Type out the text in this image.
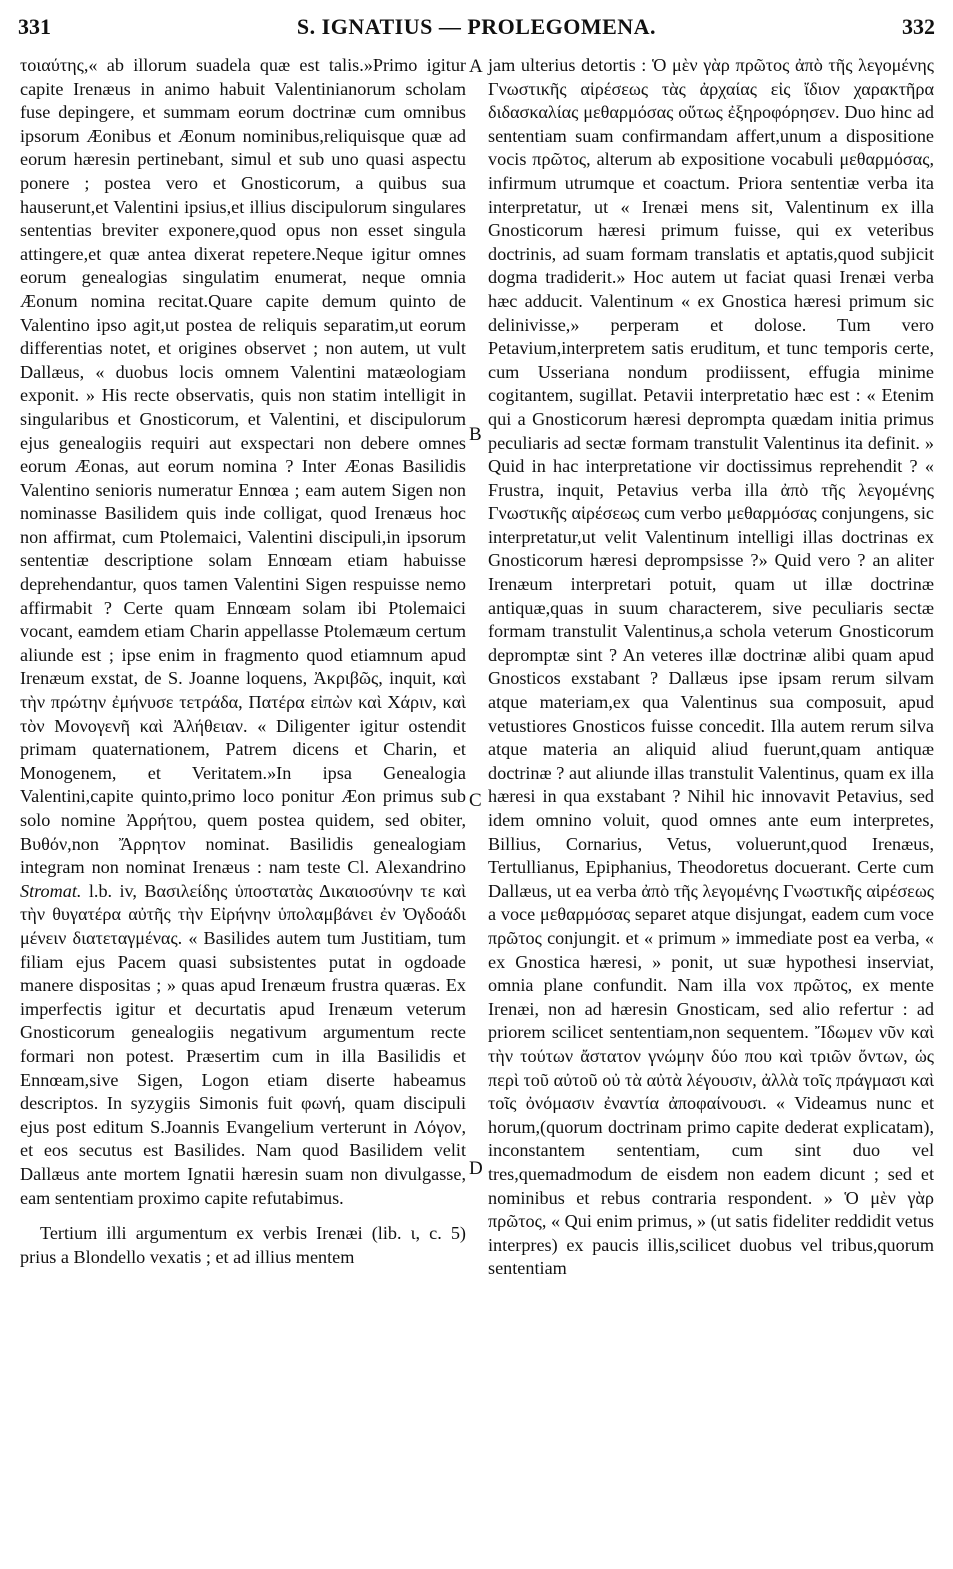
331	S. IGNATIUS — PROLEGOMENA.	332

τοιαύτης,« ab illorum suadela quæ est talis.»Primo igitur capite Irenæus in animo habuit Valentinianorum scholam fuse depingere, et summam eorum doctrinæ cum omnibus ipsorum Æonibus et Æonum nominibus,reliquisque quæ ad eorum hæresin pertinebant, simul et sub uno quasi aspectu ponere ; postea vero et Gnosticorum, a quibus sua hauserunt,et Valentini ipsius,et illius discipulorum singulares sententias breviter exponere,quod opus non esset singula attingere,et quæ antea dixerat repetere.Neque igitur omnes eorum genealogias singulatim enumerat, neque omnia Æonum nomina recitat.Quare capite demum quinto de Valentino ipso agit,ut postea de reliquis separatim,ut eorum differentias notet, et origines observet ; non autem, ut vult Dallæus, « duobus locis omnem Valentini matæologiam exponit. » His recte observatis, quis non statim intelligit in singularibus et Gnosticorum, et Valentini, et discipulorum ejus genealogiis requiri aut exspectari non debere omnes eorum Æonas, aut eorum nomina ? Inter Æonas Basilidis Valentino senioris numeratur Ennœa ; eam autem Sigen non nominasse Basilidem quis inde colligat, quod Irenæus hoc non affirmat, cum Ptolemaici, Valentini discipuli,in ipsorum sententiæ descriptione solam Ennœam etiam habuisse deprehendantur, quos tamen Valentini Sigen respuisse nemo affirmabit ? Certe quam Ennœam solam ibi Ptolemaici vocant, eamdem etiam Charin appellasse Ptolemæum certum aliunde est ; ipse enim in fragmento quod etiamnum apud Irenæum exstat, de S. Joanne loquens, Ἀκριβῶς, inquit, καὶ τὴν πρώτην ἐμήνυσε τετράδα, Πατέρα εἰπὼν καὶ Χάριν, καὶ τὸν Μονογενῆ καὶ Ἀλήθειαν. « Diligenter igitur ostendit primam quaternationem, Patrem dicens et Charin, et Monogenem, et Veritatem.»In ipsa Genealogia Valentini,capite quinto,primo loco ponitur Æon primus sub solo nomine Ἀρρήτου, quem postea quidem, sed obiter, Βυθόν,non Ἄρρητον nominat. Basilidis genealogiam integram non nominat Irenæus : nam teste Cl. Alexandrino Stromat. l.b. iv, Βασιλείδης ὑποστατὰς Δικαιοσύνην τε καὶ τὴν θυγατέρα αὐτῆς τὴν Εἰρήνην ὑπολαμβάνει ἐν Ὀγδοάδι μένειν διατεταγμένας. « Basilides autem tum Justitiam, tum filiam ejus Pacem quasi subsistentes putat in ogdoade manere dispositas ; » quas apud Irenæum frustra quæras. Ex imperfectis igitur et decurtatis apud Irenæum veterum Gnosticorum genealogiis negativum argumentum recte formari non potest. Præsertim cum in illa Basilidis et Ennœam,sive Sigen, Logon etiam diserte habeamus descriptos. In syzygiis Simonis fuit φωνή, quam discipuli ejus post editum S.Joannis Evangelium verterunt in Λόγον, et eos secutus est Basilides. Nam quod Basilidem velit Dallæus ante mortem Ignatii hæresin suam non divulgasse, eam sententiam proximo capite refutabimus.

Tertium illi argumentum ex verbis Irenæi (lib. ι, c. 5) prius a Blondello vexatis ; et ad illius mentem

jam ulterius detortis : Ὁ μὲν γὰρ πρῶτος ἀπὸ τῆς λεγομένης Γνωστικῆς αἱρέσεως τὰς ἀρχαίας εἰς ἴδιον χαρακτῆρα διδασκαλίας μεθαρμόσας οὕτως ἐξηροφόρησεν. Duo hinc ad sententiam suam confirmandam affert,unum a dispositione vocis πρῶτος, alterum ab expositione vocabuli μεθαρμόσας, infirmum utrumque et coactum. Priora sententiæ verba ita interpretatur, ut « Irenæi mens sit, Valentinum ex illa Gnosticorum hæresi primum fuisse, qui ex veteribus doctrinis, ad suam formam translatis et aptatis,quod subjicit dogma tradiderit.» Hoc autem ut faciat quasi Irenæi verba hæc adducit. Valentinum « ex Gnostica hæresi primum sic delinivisse,» perperam et dolose. Tum vero Petavium,interpretem satis eruditum, et tunc temporis certe, cum Usseriana nondum prodiissent, effugia minime cogitantem, sugillat. Petavii interpretatio hæc est : « Etenim qui a Gnosticorum hæresi deprompta quædam initia primus peculiaris ad sectæ formam transtulit Valentinus ita definit. » Quid in hac interpretatione vir doctissimus reprehendit ? « Frustra, inquit, Petavius verba illa ἀπὸ τῆς λεγομένης Γνωστικῆς αἱρέσεως cum verbo μεθαρμόσας conjungens, sic interpretatur,ut velit Valentinum intelligi illas doctrinas ex Gnosticorum hæresi deprompsisse ?» Quid vero ? an aliter Irenæum interpretari potuit, quam ut illæ doctrinæ antiquæ,quas in suum characterem, sive peculiaris sectæ formam transtulit Valentinus,a schola veterum Gnosticorum depromptæ sint ? An veteres illæ doctrinæ alibi quam apud Gnosticos exstabant ? Dallæus ipse ipsam rerum silvam atque materiam,ex qua Valentinus sua composuit, apud vetustiores Gnosticos fuisse concedit. Illa autem rerum silva atque materia an aliquid aliud fuerunt,quam antiquæ doctrinæ ? aut aliunde illas transtulit Valentinus, quam ex illa hæresi in qua exstabant ? Nihil hic innovavit Petavius, sed idem omnino voluit, quod omnes ante eum interpretes, Billius, Cornarius, Vetus, voluerunt,quod Irenæus, Tertullianus, Epiphanius, Theodoretus docuerant. Certe cum Dallæus, ut ea verba ἀπὸ τῆς λεγομένης Γνωστικῆς αἱρέσεως a voce μεθαρμόσας separet atque disjungat, eadem cum voce πρῶτος conjungit. et « primum » immediate post ea verba, « ex Gnostica hæresi, » ponit, ut suæ hypothesi inserviat, omnia plane confundit. Nam illa vox πρῶτος, ex mente Irenæi, non ad hæresin Gnosticam, sed alio refertur : ad priorem scilicet sententiam,non sequentem. Ἴδωμεν νῦν καὶ τὴν τούτων ἄστατον γνώμην δύο που καὶ τριῶν ὄντων, ὡς περὶ τοῦ αὐτοῦ οὐ τὰ αὐτὰ λέγουσιν, ἀλλὰ τοῖς πράγμασι καὶ τοῖς ὀνόμασιν ἐναντία ἀποφαίνουσι. « Videamus nunc et horum,(quorum doctrinam primo capite dederat explicatam), inconstantem sententiam, cum sint duo vel tres,quemadmodum de eisdem non eadem dicunt ; sed et nominibus et rebus contraria respondent. » Ὁ μὲν γὰρ πρῶτος, « Qui enim primus, » (ut satis fideliter reddidit vetus interpres) ex paucis illis,scilicet duobus vel tribus,quorum sententiam

A
B
C
D
